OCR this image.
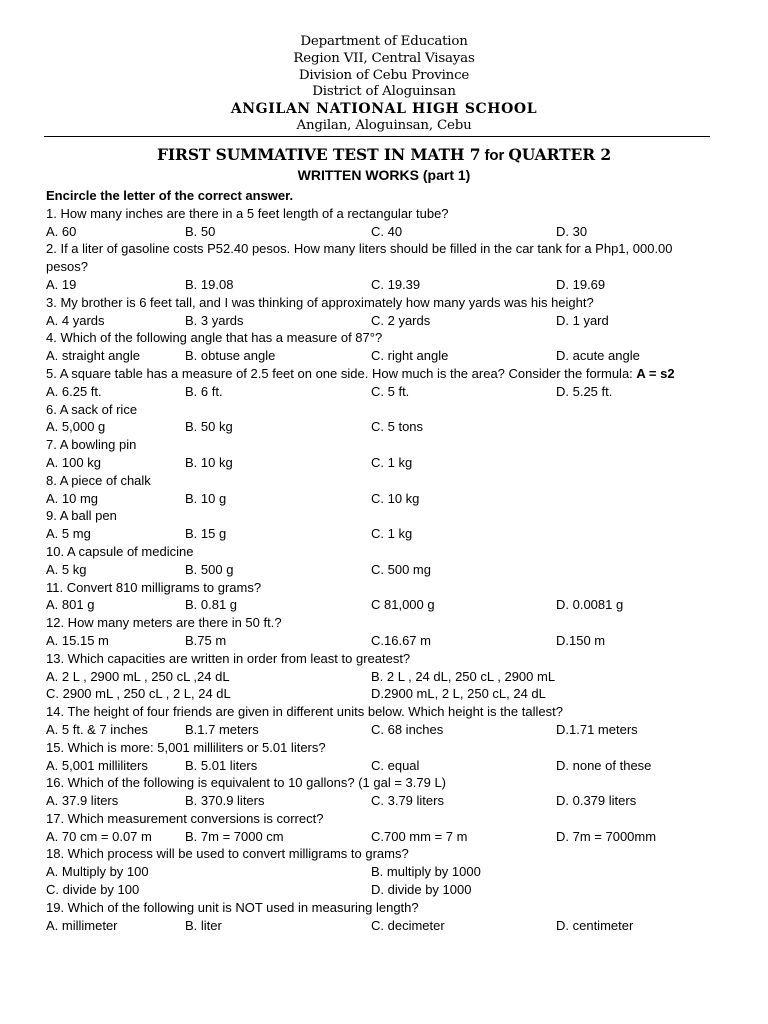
Department of Education
Region VII, Central Visayas
Division of Cebu Province
District of Aloguinsan
ANGILAN NATIONAL HIGH SCHOOL
Angilan, Aloguinsan, Cebu
FIRST SUMMATIVE TEST IN MATH 7 for QUARTER 2
WRITTEN WORKS (part 1)
Encircle the letter of the correct answer.
1. How many inches are there in a 5 feet length of a rectangular tube?
A. 60	B. 50	C. 40	D. 30
2. If a liter of gasoline costs P52.40 pesos. How many liters should be filled in the car tank for a Php1, 000.00 pesos?
A. 19	B. 19.08	C. 19.39	D. 19.69
3. My brother is 6 feet tall, and I was thinking of approximately how many yards was his height?
A. 4 yards	B. 3 yards	C. 2 yards	D. 1 yard
4. Which of the following angle that has a measure of 87°?
A. straight angle	B. obtuse angle	C. right angle	D. acute angle
5. A square table has a measure of 2.5 feet on one side. How much is the area? Consider the formula: A = s2
A. 6.25 ft.	B. 6 ft.	C. 5 ft.	D. 5.25 ft.
6. A sack of rice
A. 5,000 g	B. 50 kg	C. 5 tons
7. A bowling pin
A. 100 kg	B. 10 kg	C. 1 kg
8. A piece of chalk
A. 10 mg	B. 10 g	C. 10 kg
9. A ball pen
A. 5 mg	B. 15 g	C. 1 kg
10. A capsule of medicine
A. 5 kg	B. 500 g	C. 500 mg
11. Convert 810 milligrams to grams?
A. 801 g	B. 0.81 g	C 81,000 g	D. 0.0081 g
12. How many meters are there in 50 ft.?
A. 15.15 m	B.75 m	C.16.67 m	D.150 m
13. Which capacities are written in order from least to greatest?
A. 2 L , 2900 mL , 250 cL ,24 dL	B. 2 L , 24 dL, 250 cL , 2900 mL
C. 2900 mL , 250 cL , 2 L, 24 dL	D.2900 mL, 2 L, 250 cL, 24 dL
14. The height of four friends are given in different units below. Which height is the tallest?
A. 5 ft. & 7 inches	B.1.7 meters	C. 68 inches	D.1.71 meters
15. Which is more: 5,001 milliliters or 5.01 liters?
A. 5,001 milliliters	B. 5.01 liters	C. equal	D. none of these
16. Which of the following is equivalent to 10 gallons? (1 gal = 3.79 L)
A. 37.9 liters	B. 370.9 liters	C. 3.79 liters	D. 0.379 liters
17. Which measurement conversions is correct?
A. 70 cm = 0.07 m	B. 7m = 7000 cm	C.700 mm = 7 m	D. 7m = 7000mm
18. Which process will be used to convert milligrams to grams?
A. Multiply by 100	B. multiply by 1000
C. divide by 100	D. divide by 1000
19. Which of the following unit is NOT used in measuring length?
A. millimeter	B. liter	C. decimeter	D. centimeter
